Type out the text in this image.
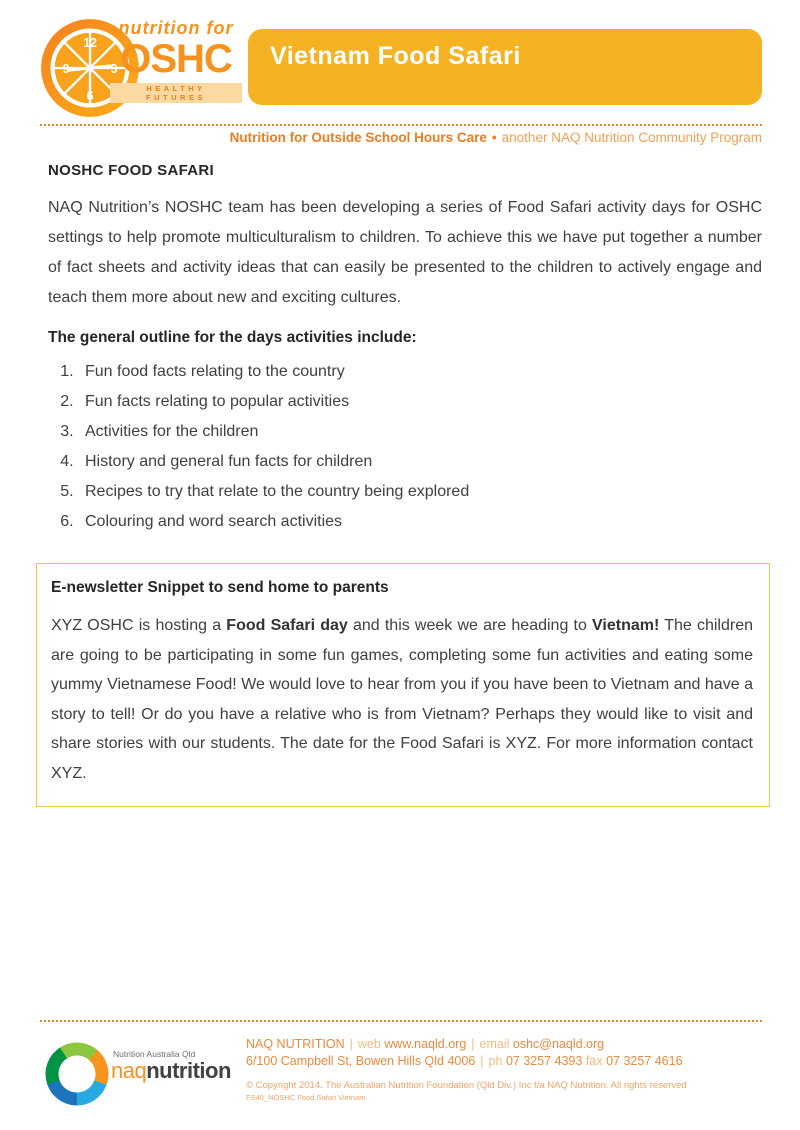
12
3
6
9
nutrition for
OSHC
HEALTHY FUTURES
Vietnam Food Safari
Nutrition for Outside School Hours Care • another NAQ Nutrition Community Program
NOSHC FOOD SAFARI

NAQ Nutrition’s NOSHC team has been developing a series of Food Safari activity days for OSHC settings to help promote multiculturalism to children. To achieve this we have put together a number of fact sheets and activity ideas that can easily be presented to the children to actively engage and teach them more about new and exciting cultures.

The general outline for the days activities include:
1. Fun food facts relating to the country
2. Fun facts relating to popular activities
3. Activities for the children
4. History and general fun facts for children
5. Recipes to try that relate to the country being explored
6. Colouring and word search activities
E-newsletter Snippet to send home to parents

XYZ OSHC is hosting a Food Safari day and this week we are heading to Vietnam! The children are going to be participating in some fun games, completing some fun activities and eating some yummy Vietnamese Food! We would love to hear from you if you have been to Vietnam and have a story to tell! Or do you have a relative who is from Vietnam? Perhaps they would like to visit and share stories with our students. The date for the Food Safari is XYZ. For more information contact XYZ.

Nutrition Australia Qld
naqnutrition
NAQ NUTRITION | web www.naqld.org | email oshc@naqld.org
6/100 Campbell St, Bowen Hills Qld 4006 | ph 07 3257 4393 fax 07 3257 4616
© Copyright 2014. The Australian Nutrition Foundation (Qld Div.) Inc t/a NAQ Nutrition. All rights reserved
FS40_NOSHC Food Safari Vietnam
